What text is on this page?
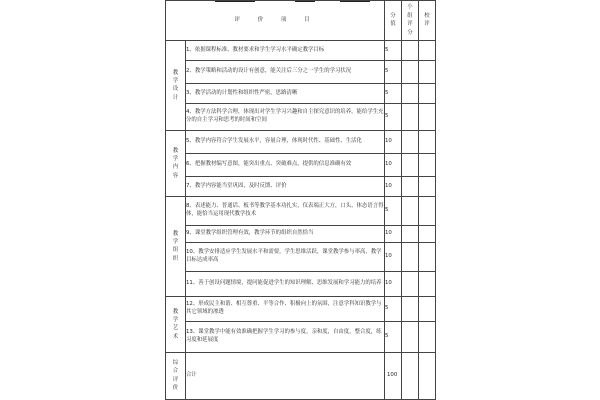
评　价　项　目		分值	小组评分	校评
教学设计	1、依据课程标准、教材要求和学生学习水平确定教学目标	5		
	2、教学策略和活动的设计有创意，能关注后三分之一学生的学习状况	5		
	3、教学活动的计划性和组织性严密，思路清晰	5		
	4、教学方法科学合理，体现出对学生学习兴趣和自主探究意识的培养，能给学生充分的自主学习和思考的时间和空间	5		
教学内容	5、教学内容符合学生发展水平，容量合理，体现时代性、基础性、生活化	10		
	6、把握教材编写意图，能突出重点、突破难点，提供的信息准确有效	10		
	7、教学内容能当堂巩固，及时反馈、评价	10		
教学组织	8、表述能力、普通话、板书等教学基本功扎实，仪表端正大方，口头、体态语言得体，能恰当运用现代教学技术	5		
	9、课堂教学组织管理有效，教学环节的组织自然恰当	10		
	10、教学安排适应学生发展水平和需要，学生思维活跃，课堂教学参与率高，教学目标达成率高	10		
	11、善于创设问题情境，提问能促进学生的知识理解、思维发展和学习能力的培养	10		
教学艺术	12、形成民主和谐、相互尊重、平等合作、积极向上的氛围，注意学科知识教学与其它领域的渗透	5		
	13、课堂教学中能有效准确把握学生学习的参与度，亲和度，自由度，整合度，练习度和延展度	5		
综合评价	合计	100		
